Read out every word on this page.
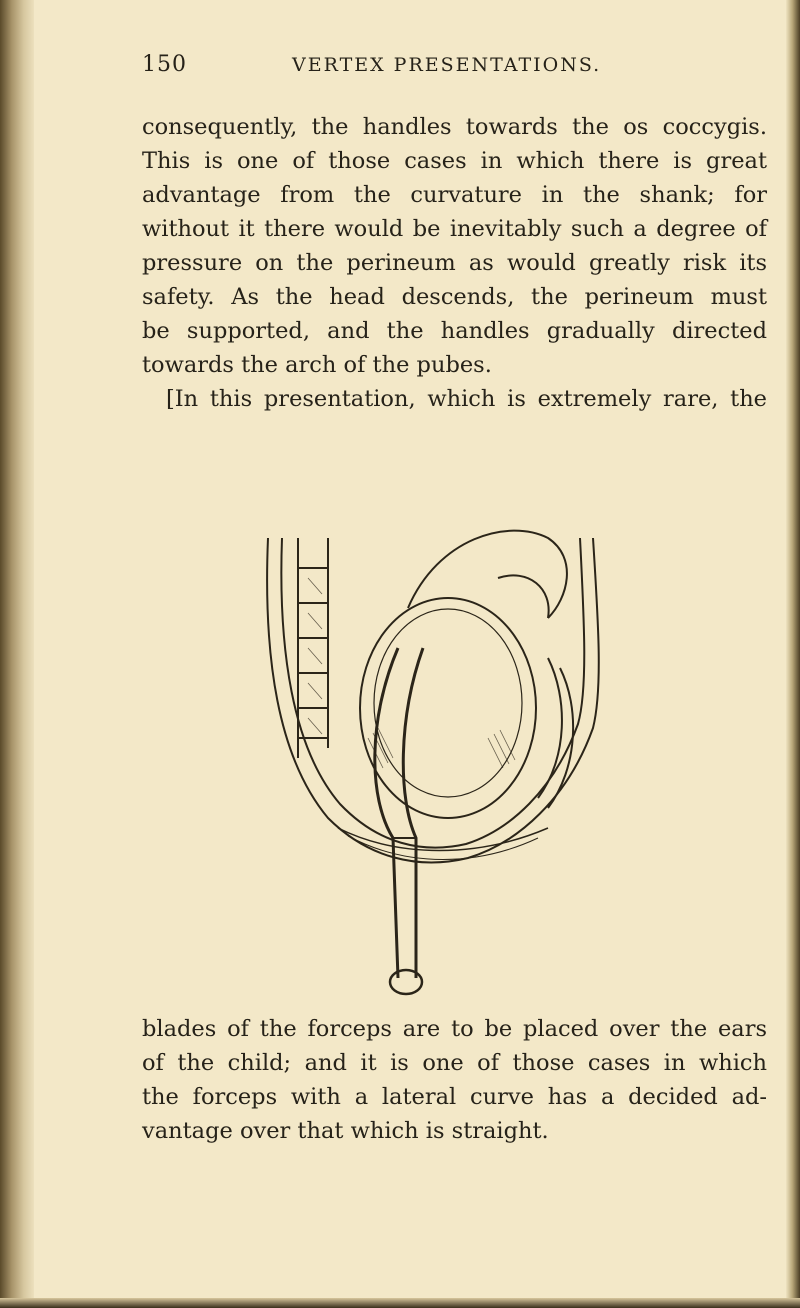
150	VERTEX PRESENTATIONS.

consequently, the handles towards the os coccygis.
This is one of those cases in which there is great
advantage from the curvature in the shank; for
without it there would be inevitably such a degree of
pressure on the perineum as would greatly risk its
safety. As the head descends, the perineum must
be supported, and the handles gradually directed
towards the arch of the pubes.
[In this presentation, which is extremely rare, the

blades of the forceps are to be placed over the ears
of the child; and it is one of those cases in which
the forceps with a lateral curve has a decided ad-
vantage over that which is straight.
